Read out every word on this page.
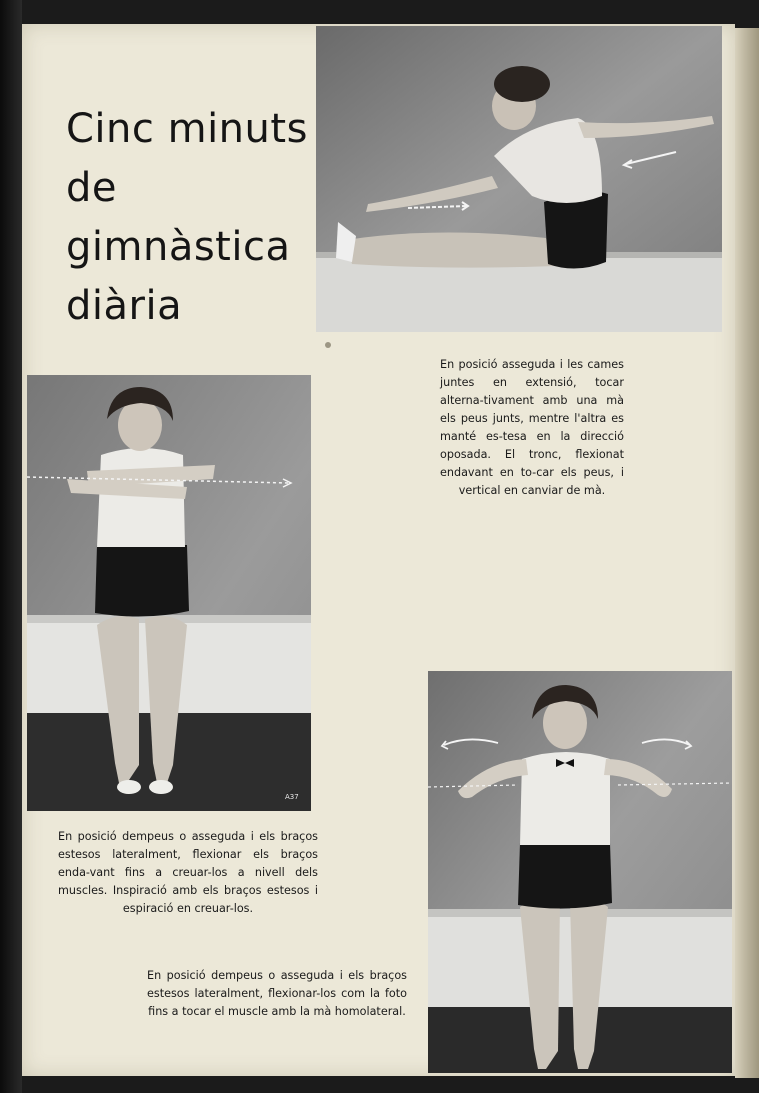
Cinc minuts
de
gimnàstica
diària

En posició asseguda i les cames juntes en extensió, tocar alterna-tivament amb una mà els peus junts, mentre l'altra es manté es-tesa en la direcció oposada. El tronc, flexionat endavant en to-car els peus, i vertical en canviar de mà.

A37

En posició dempeus o asseguda i els braços estesos lateralment, flexionar els braços enda-vant fins a creuar-los a nivell dels muscles. Inspiració amb els braços estesos i espiració en creuar-los.

En posició dempeus o asseguda i els braços estesos lateralment, flexionar-los com la foto fins a tocar el muscle amb la mà homolateral.
